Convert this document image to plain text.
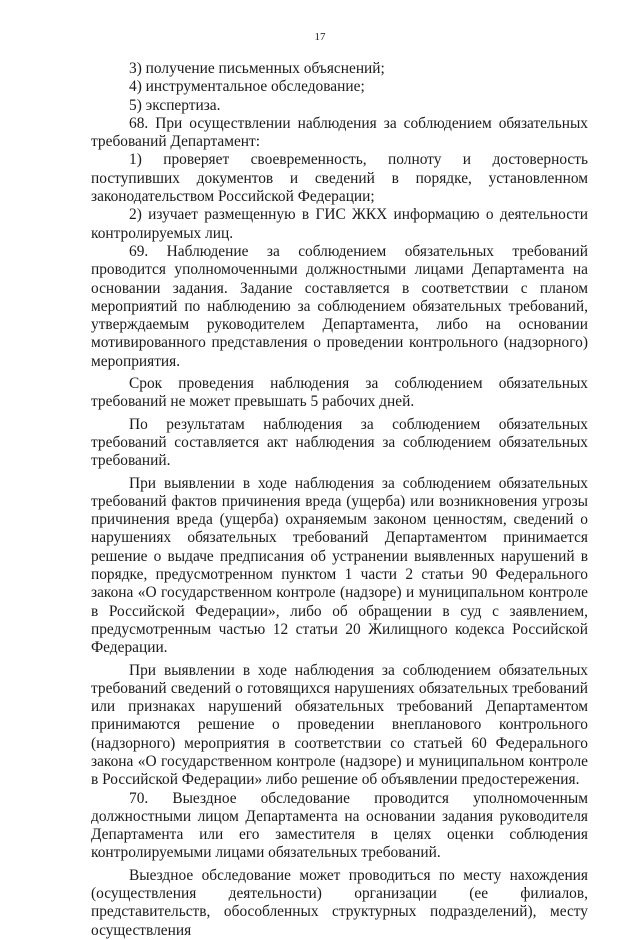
17

3) получение письменных объяснений;

4) инструментальное обследование;

5) экспертиза.

68. При осуществлении наблюдения за соблюдением обязательных требований Департамент:

1) проверяет своевременность, полноту и достоверность поступивших документов и сведений в порядке, установленном законодательством Российской Федерации;

2) изучает размещенную в ГИС ЖКХ информацию о деятельности контролируемых лиц.

69. Наблюдение за соблюдением обязательных требований проводится уполномоченными должностными лицами Департамента на основании задания. Задание составляется в соответствии с планом мероприятий по наблюдению за соблюдением обязательных требований, утверждаемым руководителем Департамента, либо на основании мотивированного представления о проведении контрольного (надзорного) мероприятия.

Срок проведения наблюдения за соблюдением обязательных требований не может превышать 5 рабочих дней.

По результатам наблюдения за соблюдением обязательных требований составляется акт наблюдения за соблюдением обязательных требований.

При выявлении в ходе наблюдения за соблюдением обязательных требований фактов причинения вреда (ущерба) или возникновения угрозы причинения вреда (ущерба) охраняемым законом ценностям, сведений о нарушениях обязательных требований Департаментом принимается решение о выдаче предписания об устранении выявленных нарушений в порядке, предусмотренном пунктом 1 части 2 статьи 90 Федерального закона «О государственном контроле (надзоре) и муниципальном контроле в Российской Федерации», либо об обращении в суд с заявлением, предусмотренным частью 12 статьи 20 Жилищного кодекса Российской Федерации.

При выявлении в ходе наблюдения за соблюдением обязательных требований сведений о готовящихся нарушениях обязательных требований или признаках нарушений обязательных требований Департаментом принимаются решение о проведении внепланового контрольного (надзорного) мероприятия в соответствии со статьей 60 Федерального закона «О государственном контроле (надзоре) и муниципальном контроле в Российской Федерации» либо решение об объявлении предостережения.

70. Выездное обследование проводится уполномоченным должностными лицом Департамента на основании задания руководителя Департамента или его заместителя в целях оценки соблюдения контролируемыми лицами обязательных требований.

Выездное обследование может проводиться по месту нахождения (осуществления деятельности) организации (ее филиалов, представительств, обособленных структурных подразделений), месту осуществления
